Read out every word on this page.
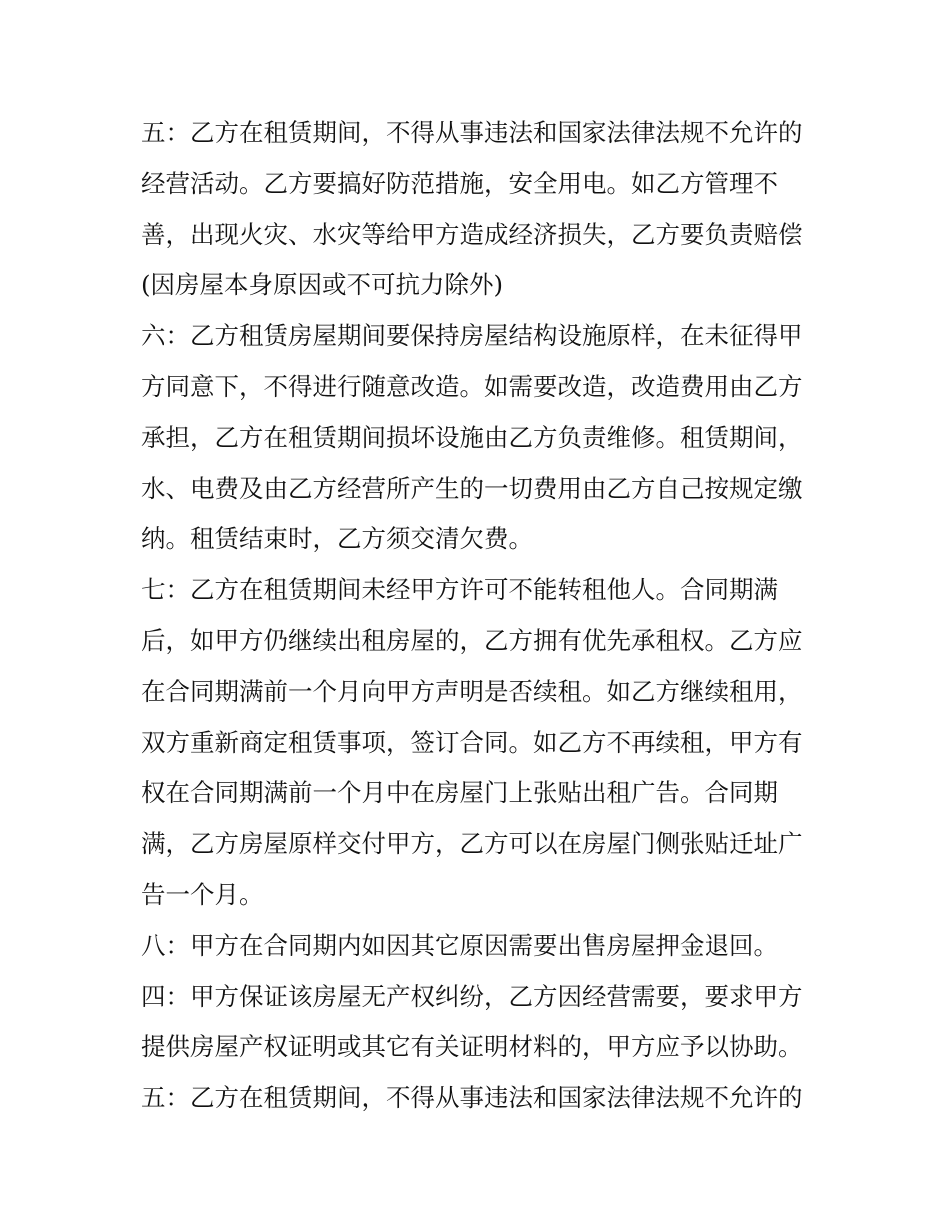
五：乙方在租赁期间，不得从事违法和国家法律法规不允许的
经营活动。乙方要搞好防范措施，安全用电。如乙方管理不
善，出现火灾、水灾等给甲方造成经济损失，乙方要负责赔偿
(因房屋本身原因或不可抗力除外)
六：乙方租赁房屋期间要保持房屋结构设施原样，在未征得甲
方同意下，不得进行随意改造。如需要改造，改造费用由乙方
承担，乙方在租赁期间损坏设施由乙方负责维修。租赁期间，
水、电费及由乙方经营所产生的一切费用由乙方自己按规定缴
纳。租赁结束时，乙方须交清欠费。
七：乙方在租赁期间未经甲方许可不能转租他人。合同期满
后，如甲方仍继续出租房屋的，乙方拥有优先承租权。乙方应
在合同期满前一个月向甲方声明是否续租。如乙方继续租用，
双方重新商定租赁事项，签订合同。如乙方不再续租，甲方有
权在合同期满前一个月中在房屋门上张贴出租广告。合同期
满，乙方房屋原样交付甲方，乙方可以在房屋门侧张贴迁址广
告一个月。
八：甲方在合同期内如因其它原因需要出售房屋押金退回。
四：甲方保证该房屋无产权纠纷，乙方因经营需要，要求甲方
提供房屋产权证明或其它有关证明材料的，甲方应予以协助。
五：乙方在租赁期间，不得从事违法和国家法律法规不允许的
